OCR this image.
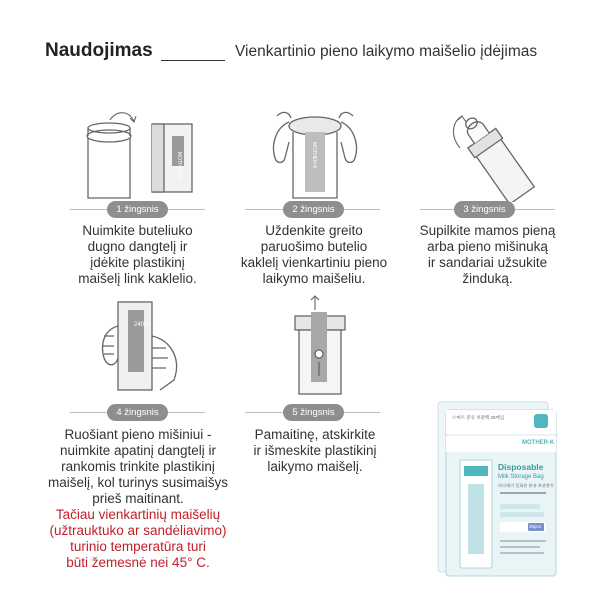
Naudojimas	Vienkartinio pieno laikymo maišelio įdėjimas
MOTHER-K	MOTHER-K
240ml
1 žingsnis	2 žingsnis	3 žingsnis
4 žingsnis	5 žingsnis
Nuimkite buteliuko
dugno dangtelį ir
įdėkite plastikinį
maišelį link kaklelio.
Uždenkite greito
paruošimo butelio
kaklelį vienkartiniu pieno
laikymo maišeliu.
Supilkite mamos pieną
arba pieno mišinuką
ir sandariai užsukite
žinduką.
Ruošiant pieno mišiniui -
nuimkite apatinį dangtelį ir
rankomis trinkite plastikinį
maišelį, kol turinys susimaišys
prieš maitinant.
Tačiau vienkartinių maišelių
(užtrauktuko ar sandėliavimo)
turinio temperatūra turi
būti žemesnė nei 45° C.
Pamaitinę, atskirkite
ir išmeskite plastikinį
laikymo maišelį.
스마트 분유 보관백 20매입
MOTHER-K
Disposable
Milk Storage Bag
마더케이 일회용 분유 보관봉투
20pcs
